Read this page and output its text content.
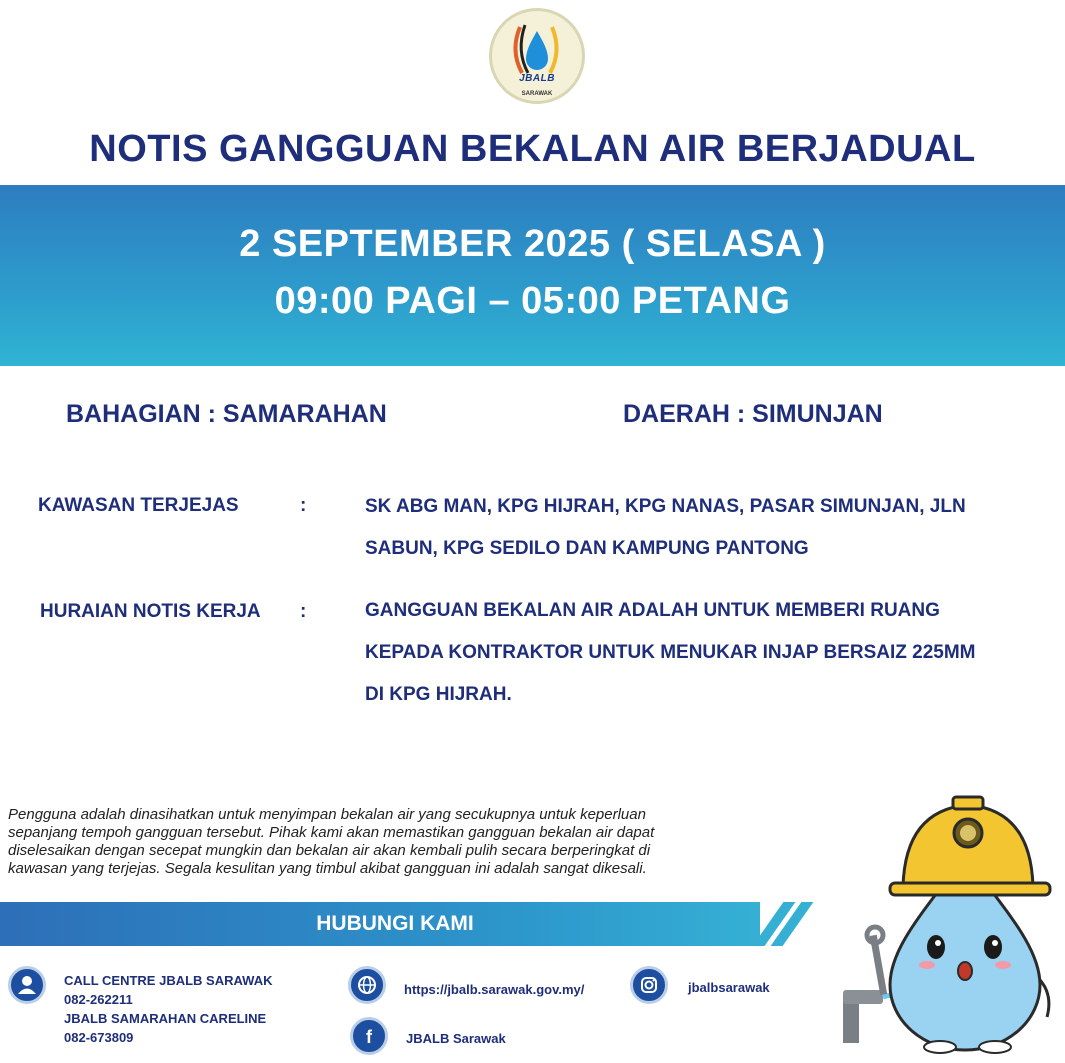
JBALB
SARAWAK
NOTIS GANGGUAN BEKALAN AIR BERJADUAL
2 SEPTEMBER 2025 ( SELASA )
09:00 PAGI – 05:00 PETANG
BAHAGIAN : SAMARAHAN	DAERAH : SIMUNJAN
KAWASAN TERJEJAS	:	SK ABG MAN, KPG HIJRAH, KPG NANAS, PASAR SIMUNJAN, JLN
SABUN, KPG SEDILO DAN KAMPUNG PANTONG
HURAIAN NOTIS KERJA :	GANGGUAN BEKALAN AIR ADALAH UNTUK MEMBERI RUANG
KEPADA KONTRAKTOR UNTUK MENUKAR INJAP BERSAIZ 225MM
DI KPG HIJRAH.
Pengguna adalah dinasihatkan untuk menyimpan bekalan air yang secukupnya untuk keperluan
sepanjang tempoh gangguan tersebut. Pihak kami akan memastikan gangguan bekalan air dapat
diselesaikan dengan secepat mungkin dan bekalan air akan kembali pulih secara berperingkat di
kawasan yang terjejas. Segala kesulitan yang timbul akibat gangguan ini adalah sangat dikesali.
HUBUNGI KAMI
CALL CENTRE JBALB SARAWAK
082-262211
JBALB SAMARAHAN CARELINE
082-673809
https://jbalb.sarawak.gov.my/
f	JBALB Sarawak
jbalbsarawak
